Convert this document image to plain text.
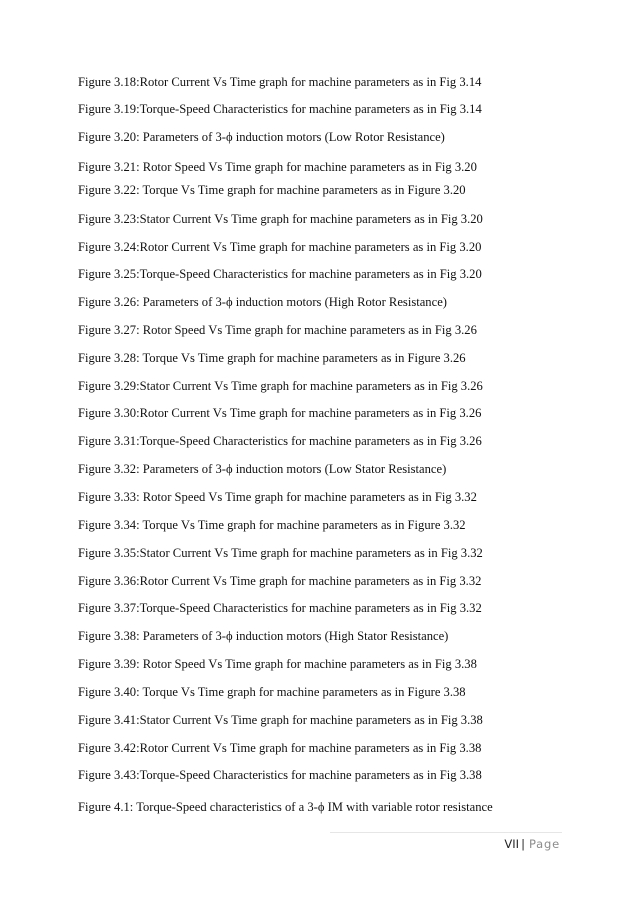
Figure 3.18:Rotor Current Vs Time graph for machine parameters as in Fig 3.14
Figure 3.19:Torque-Speed Characteristics for machine parameters as in Fig 3.14
Figure 3.20: Parameters of 3-ϕ induction motors (Low Rotor Resistance)
Figure 3.21: Rotor Speed Vs Time graph for machine parameters as in Fig 3.20
Figure 3.22: Torque Vs Time graph for machine parameters as in Figure 3.20
Figure 3.23:Stator Current Vs Time graph for machine parameters as in Fig 3.20
Figure 3.24:Rotor Current Vs Time graph for machine parameters as in Fig 3.20
Figure 3.25:Torque-Speed Characteristics for machine parameters as in Fig 3.20
Figure 3.26: Parameters of 3-ϕ induction motors (High Rotor Resistance)
Figure 3.27: Rotor Speed Vs Time graph for machine parameters as in Fig 3.26
Figure 3.28: Torque Vs Time graph for machine parameters as in Figure 3.26
Figure 3.29:Stator Current Vs Time graph for machine parameters as in Fig 3.26
Figure 3.30:Rotor Current Vs Time graph for machine parameters as in Fig 3.26
Figure 3.31:Torque-Speed Characteristics for machine parameters as in Fig 3.26
Figure 3.32: Parameters of 3-ϕ induction motors (Low Stator Resistance)
Figure 3.33: Rotor Speed Vs Time graph for machine parameters as in Fig 3.32
Figure 3.34: Torque Vs Time graph for machine parameters as in Figure 3.32
Figure 3.35:Stator Current Vs Time graph for machine parameters as in Fig 3.32
Figure 3.36:Rotor Current Vs Time graph for machine parameters as in Fig 3.32
Figure 3.37:Torque-Speed Characteristics for machine parameters as in Fig 3.32
Figure 3.38: Parameters of 3-ϕ induction motors (High Stator Resistance)
Figure 3.39: Rotor Speed Vs Time graph for machine parameters as in Fig 3.38
Figure 3.40: Torque Vs Time graph for machine parameters as in Figure 3.38
Figure 3.41:Stator Current Vs Time graph for machine parameters as in Fig 3.38
Figure 3.42:Rotor Current Vs Time graph for machine parameters as in Fig 3.38
Figure 3.43:Torque-Speed Characteristics for machine parameters as in Fig 3.38
Figure 4.1: Torque-Speed characteristics of a 3-ϕ IM with variable rotor resistance
VII | Page
